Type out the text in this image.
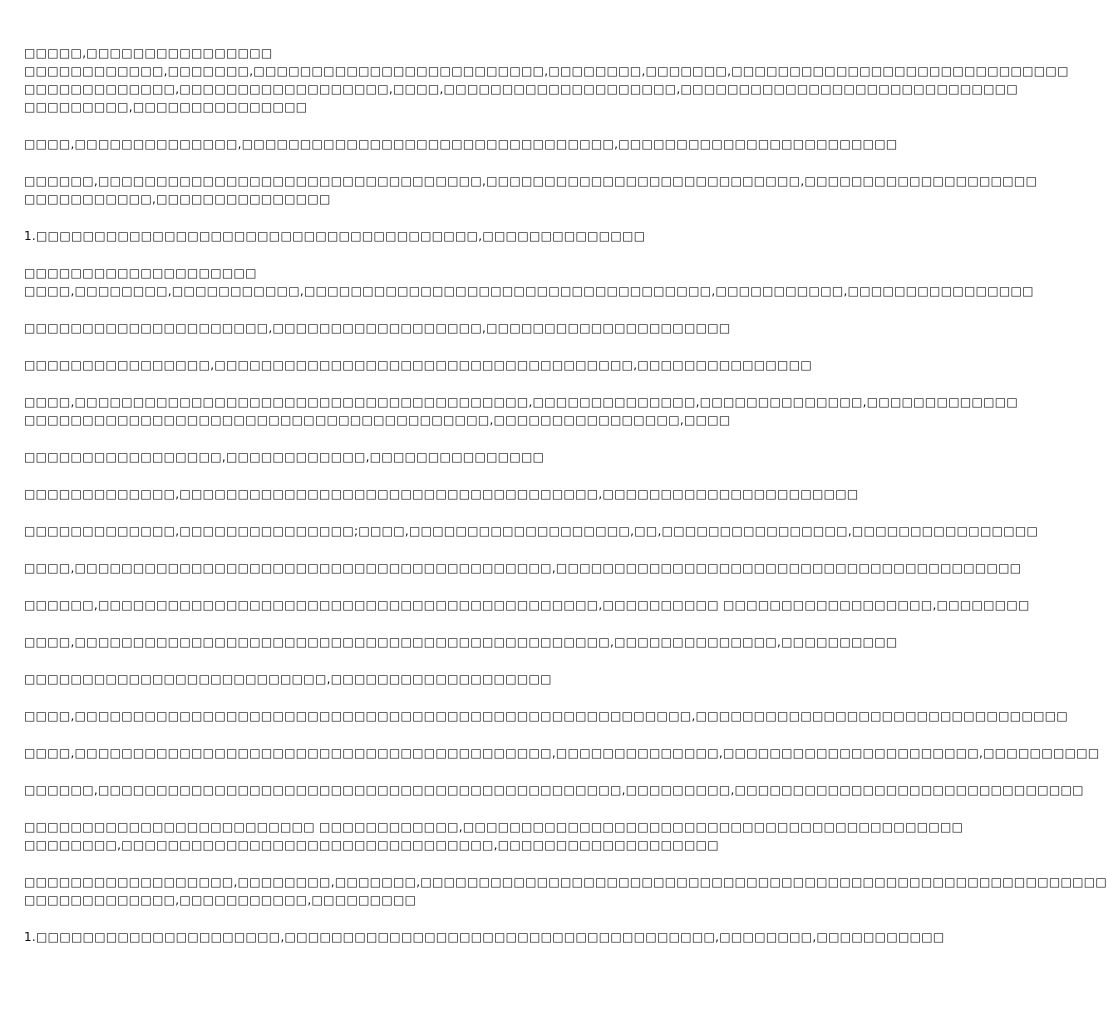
□□□□□,□□□□□□□□□□□□□□□□
□□□□□□□□□□□□,□□□□□□□,□□□□□□□□□□□□□□□□□□□□□□□□□,□□□□□□□□,□□□□□□□,□□□□□□□□□□□□□□□□□□□□□□□□□□□□□
□□□□□□□□□□□□□,□□□□□□□□□□□□□□□□□□,□□□□,□□□□□□□□□□□□□□□□□□□□,□□□□□□□□□□□□□□□□□□□□□□□□□□□□□
□□□□□□□□□,□□□□□□□□□□□□□□□
□□□□,□□□□□□□□□□□□□□,□□□□□□□□□□□□□□□□□□□□□□□□□□□□□□□□,□□□□□□□□□□□□□□□□□□□□□□□□
□□□□□□,□□□□□□□□□□□□□□□□□□□□□□□□□□□□□□□□□,□□□□□□□□□□□□□□□□□□□□□□□□□□□,□□□□□□□□□□□□□□□□□□□□
□□□□□□□□□□□,□□□□□□□□□□□□□□□
1.□□□□□□□□□□□□□□□□□□□□□□□□□□□□□□□□□□□□□□,□□□□□□□□□□□□□□
□□□□□□□□□□□□□□□□□□□□
□□□□,□□□□□□□□,□□□□□□□□□□□,□□□□□□□□□□□□□□□□□□□□□□□□□□□□□□□□□□□,□□□□□□□□□□□,□□□□□□□□□□□□□□□□
□□□□□□□□□□□□□□□□□□□□□,□□□□□□□□□□□□□□□□□□,□□□□□□□□□□□□□□□□□□□□□
□□□□□□□□□□□□□□□□,□□□□□□□□□□□□□□□□□□□□□□□□□□□□□□□□□□□□,□□□□□□□□□□□□□□□
□□□□,□□□□□□□□□□□□□□□□□□□□□□□□□□□□□□□□□□□□□□□,□□□□□□□□□□□□□□,□□□□□□□□□□□□□□,□□□□□□□□□□□□□
□□□□□□□□□□□□□□□□□□□□□□□□□□□□□□□□□□□□□□□□,□□□□□□□□□□□□□□□□,□□□□
□□□□□□□□□□□□□□□□□,□□□□□□□□□□□□,□□□□□□□□□□□□□□□
□□□□□□□□□□□□□,□□□□□□□□□□□□□□□□□□□□□□□□□□□□□□□□□□□□,□□□□□□□□□□□□□□□□□□□□□□
□□□□□□□□□□□□□,□□□□□□□□□□□□□□□;□□□□,□□□□□□□□□□□□□□□□□□□,□□,□□□□□□□□□□□□□□□□,□□□□□□□□□□□□□□□□
□□□□,□□□□□□□□□□□□□□□□□□□□□□□□□□□□□□□□□□□□□□□□□,□□□□□□□□□□□□□□□□□□□□□□□□□□□□□□□□□□□□□□□□
□□□□□□,□□□□□□□□□□□□□□□□□□□□□□□□□□□□□□□□□□□□□□□□□□□,□□□□□□□□□□ □□□□□□□□□□□□□□□□□□,□□□□□□□□
□□□□,□□□□□□□□□□□□□□□□□□□□□□□□□□□□□□□□□□□□□□□□□□□□□□,□□□□□□□□□□□□□□,□□□□□□□□□□
□□□□□□□□□□□□□□□□□□□□□□□□□□,□□□□□□□□□□□□□□□□□□□
□□□□,□□□□□□□□□□□□□□□□□□□□□□□□□□□□□□□□□□□□□□□□□□□□□□□□□□□□□,□□□□□□□□□□□□□□□□□□□□□□□□□□□□□□□□
□□□□,□□□□□□□□□□□□□□□□□□□□□□□□□□□□□□□□□□□□□□□□□,□□□□□□□□□□□□□□,□□□□□□□□□□□□□□□□□□□□□□,□□□□□□□□□□
□□□□□□,□□□□□□□□□□□□□□□□□□□□□□□□□□□□□□□□□□□□□□□□□□□□□,□□□□□□□□□,□□□□□□□□□□□□□□□□□□□□□□□□□□□□□□
□□□□□□□□□□□□□□□□□□□□□□□□□ □□□□□□□□□□□□,□□□□□□□□□□□□□□□□□□□□□□□□□□□□□□□□□□□□□□□□□□□
□□□□□□□□,□□□□□□□□□□□□□□□□□□□□□□□□□□□□□□□□,□□□□□□□□□□□□□□□□□□□
□□□□□□□□□□□□□□□□□□,□□□□□□□□,□□□□□□□,□□□□□□□□□□□□□□□□□□□□□□□□□□□□□□□□□□□□□□□□□□□□□□□□□□□□□□□□□□□
□□□□□□□□□□□□□,□□□□□□□□□□□,□□□□□□□□□
1.□□□□□□□□□□□□□□□□□□□□□,□□□□□□□□□□□□□□□□□□□□□□□□□□□□□□□□□□□□□,□□□□□□□□,□□□□□□□□□□□
